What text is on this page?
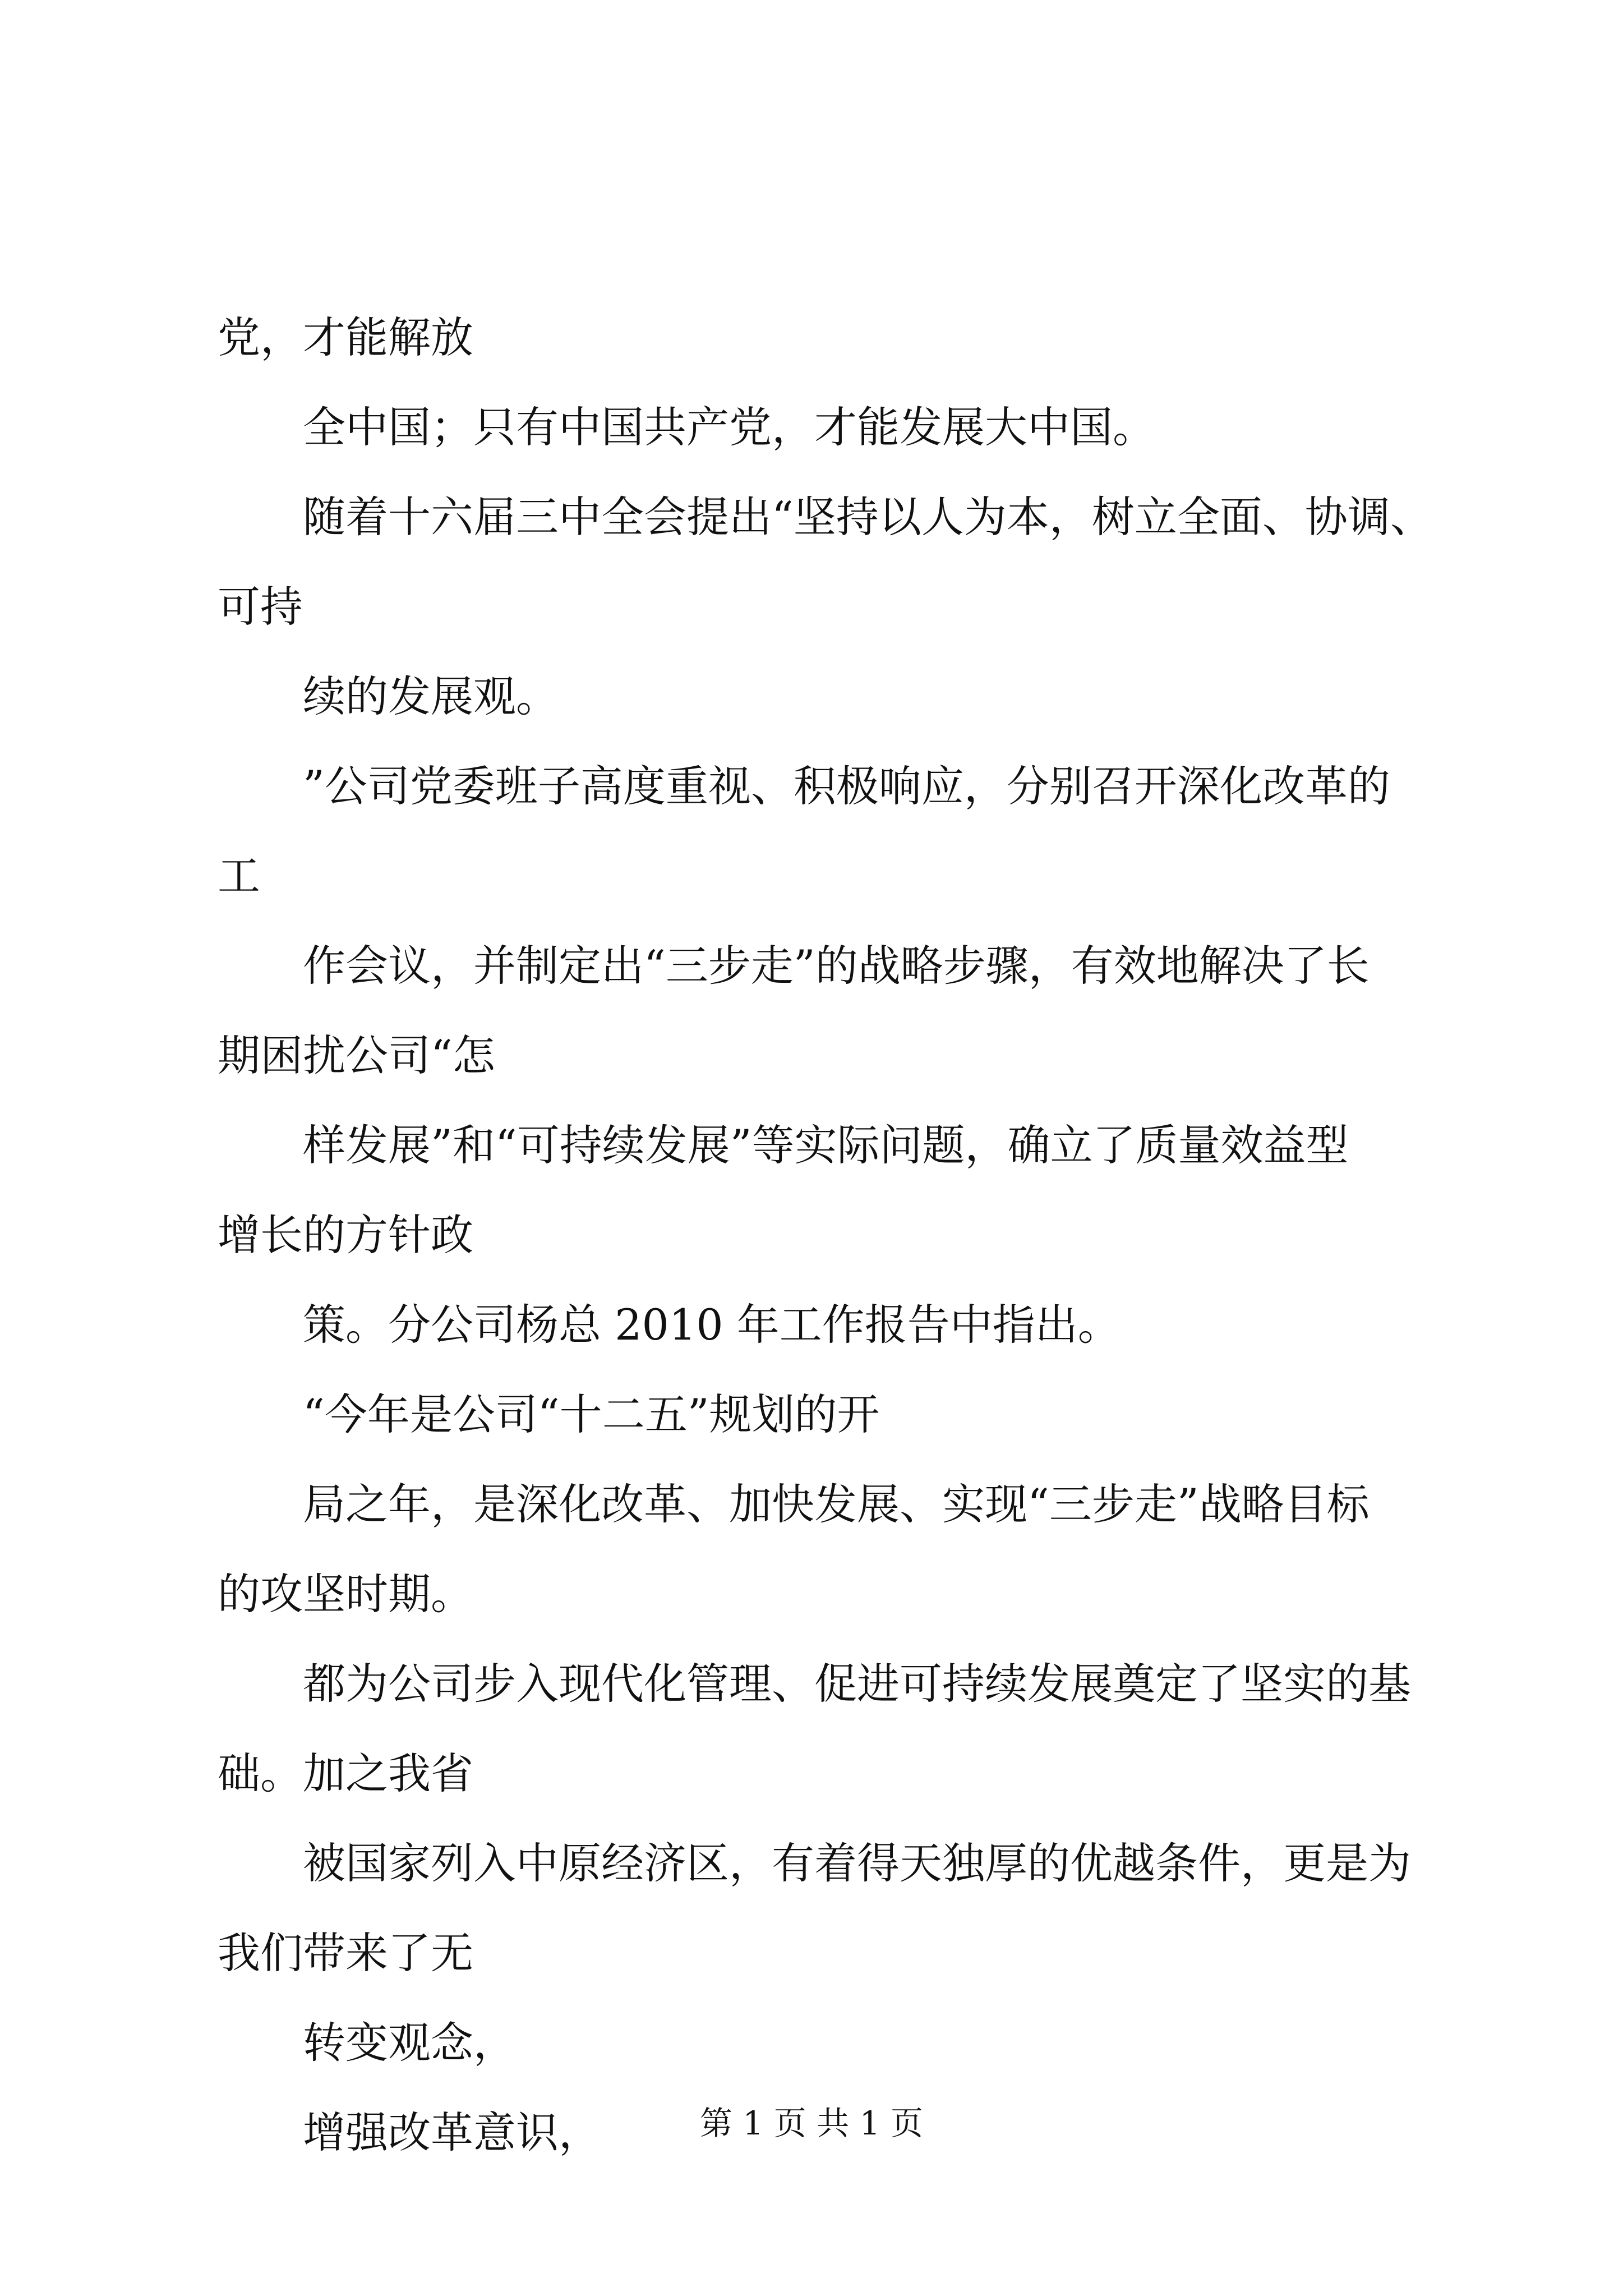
党，才能解放

全中国；只有中国共产党，才能发展大中国。

随着十六届三中全会提出“坚持以人为本，树立全面、协调、

可持

续的发展观。

”公司党委班子高度重视、积极响应，分别召开深化改革的

工

作会议，并制定出“三步走”的战略步骤，有效地解决了长

期困扰公司“怎

样发展”和“可持续发展”等实际问题，确立了质量效益型

增长的方针政

策。分公司杨总 2010 年工作报告中指出。

“今年是公司“十二五”规划的开

局之年，是深化改革、加快发展、实现“三步走”战略目标

的攻坚时期。

都为公司步入现代化管理、促进可持续发展奠定了坚实的基

础。加之我省

被国家列入中原经济区，有着得天独厚的优越条件，更是为

我们带来了无

转变观念，

增强改革意识，	第 1 页 共 1 页
